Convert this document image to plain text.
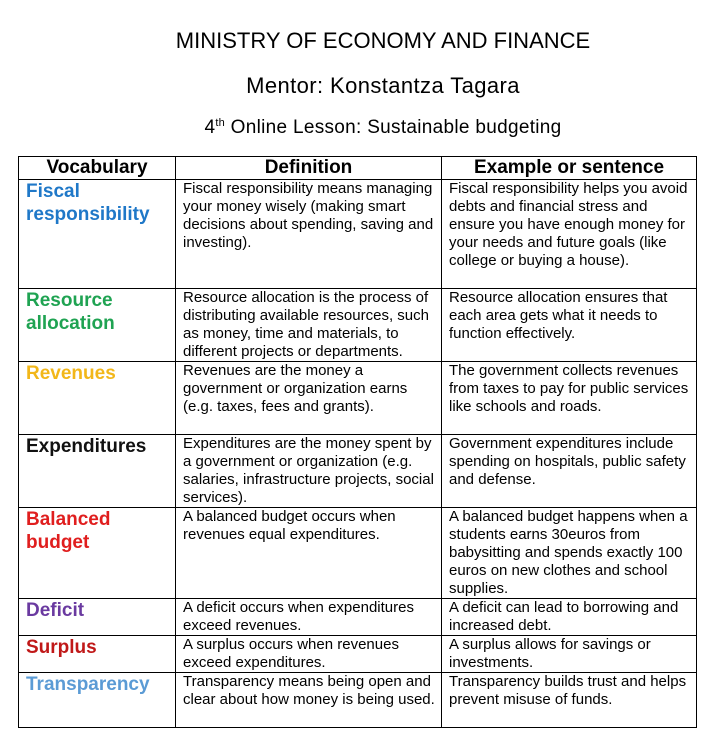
MINISTRY OF ECONOMY AND FINANCE
Mentor: Konstantza Tagara
4th Online Lesson: Sustainable budgeting
Vocabulary	Definition	Example or sentence
Fiscal responsibility	Fiscal responsibility means managing your money wisely (making smart decisions about spending, saving and investing).	Fiscal responsibility helps you avoid debts and financial stress and ensure you have enough money for your needs and future goals (like college or buying a house).
Resource allocation	Resource allocation is the process of distributing available resources, such as money, time and materials, to different projects or departments.	Resource allocation ensures that each area gets what it needs to function effectively.
Revenues	Revenues are the money a government or organization earns (e.g. taxes, fees and grants).	The government collects revenues from taxes to pay for public services like schools and roads.
Expenditures	Expenditures are the money spent by a government or organization (e.g. salaries, infrastructure projects, social services).	Government expenditures include spending on hospitals, public safety and defense.
Balanced budget	A balanced budget occurs when revenues equal expenditures.	A balanced budget happens when a students earns 30euros from babysitting and spends exactly 100 euros on new clothes and school supplies.
Deficit	A deficit occurs when expenditures exceed revenues.	A deficit can lead to borrowing and increased debt.
Surplus	A surplus occurs when revenues exceed expenditures.	A surplus allows for savings or investments.
Transparency	Transparency means being open and clear about how money is being used.	Transparency builds trust and helps prevent misuse of funds.
